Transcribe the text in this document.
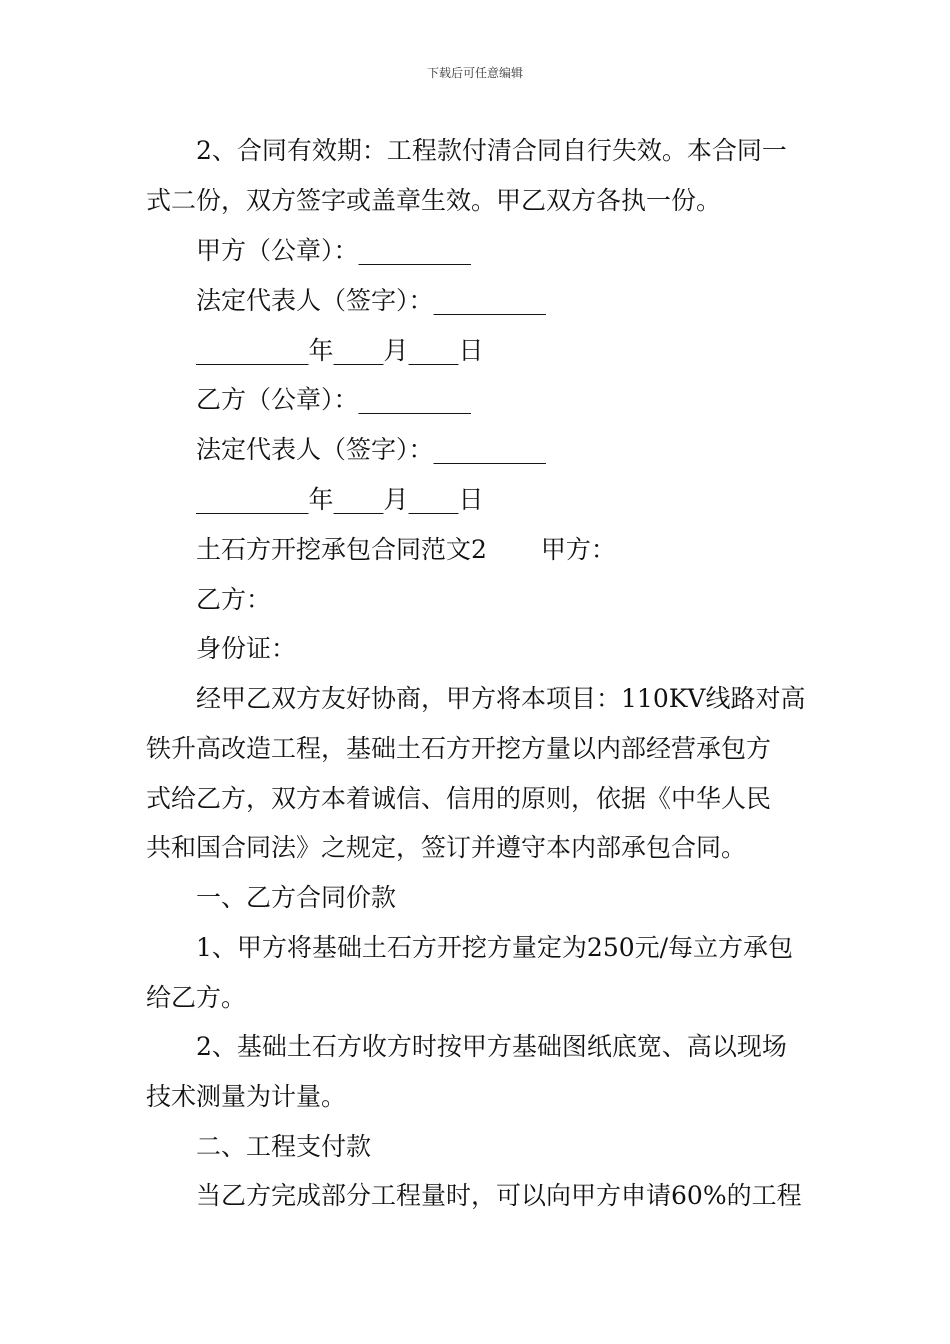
下载后可任意编辑
2、合同有效期：工程款付清合同自行失效。本合同一
式二份，双方签字或盖章生效。甲乙双方各执一份。
甲方（公章）：_________
法定代表人（签字）：_________
_________年____月____日
乙方（公章）：_________
法定代表人（签字）：_________
_________年____月____日
土石方开挖承包合同范文2 甲方：
乙方：
身份证：
经甲乙双方友好协商，甲方将本项目：110KV线路对高
铁升高改造工程，基础土石方开挖方量以内部经营承包方
式给乙方，双方本着诚信、信用的原则，依据《中华人民
共和国合同法》之规定，签订并遵守本内部承包合同。
一、乙方合同价款
1、甲方将基础土石方开挖方量定为250元/每立方承包
给乙方。
2、基础土石方收方时按甲方基础图纸底宽、高以现场
技术测量为计量。
二、工程支付款
当乙方完成部分工程量时，可以向甲方申请60%的工程
